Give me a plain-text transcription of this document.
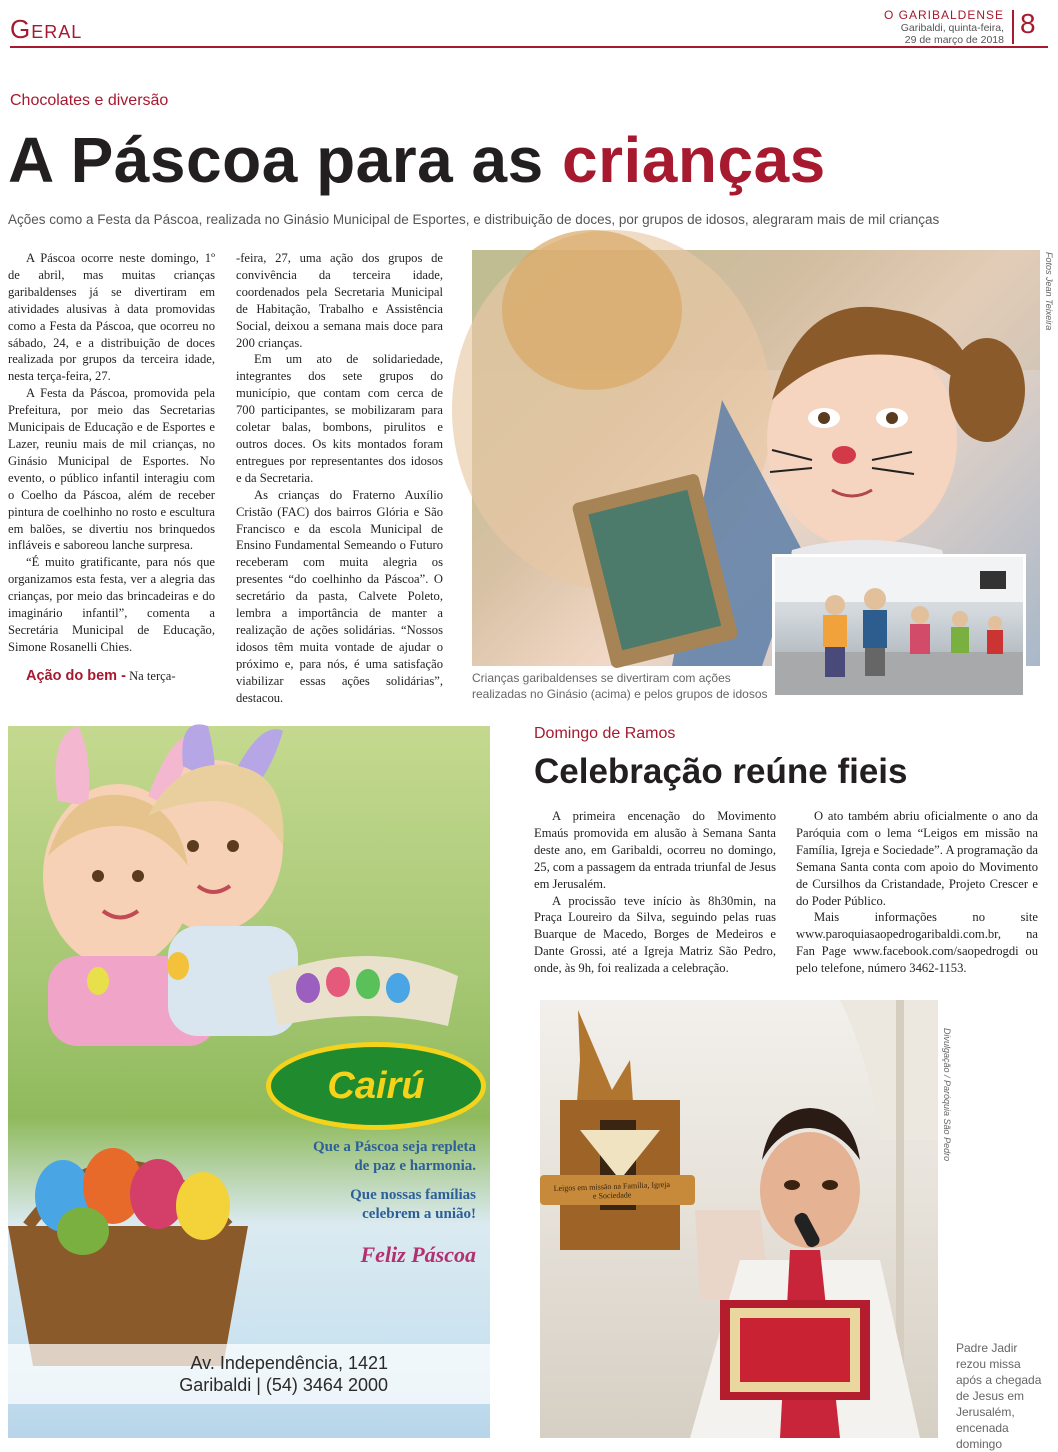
Geral	O GARIBALDENSE
Garibaldi, quinta-feira,
29 de março de 2018
8
Chocolates e diversão
A Páscoa para as crianças
Ações como a Festa da Páscoa, realizada no Ginásio Municipal de Esportes, e distribuição de doces, por grupos de idosos, alegraram mais de mil crianças

A Páscoa ocorre neste domingo, 1º de abril, mas muitas crianças garibaldenses já se divertiram em atividades alusivas à data promovidas como a Festa da Páscoa, que ocorreu no sábado, 24, e a distribuição de doces realizada por grupos da terceira idade, nesta terça-feira, 27.

A Festa da Páscoa, promovida pela Prefeitura, por meio das Secretarias Municipais de Educação e de Esportes e Lazer, reuniu mais de mil crianças, no Ginásio Municipal de Esportes. No evento, o público infantil interagiu com o Coelho da Páscoa, além de receber pintura de coelhinho no rosto e escultura em balões, se divertiu nos brinquedos infláveis e saboreou lanche surpresa.

“É muito gratificante, para nós que organizamos esta festa, ver a alegria das crianças, por meio das brincadeiras e do imaginário infantil”, comenta a Secretária Municipal de Educação, Simone Rosanelli Chies.

Ação do bem - Na terça-

-feira, 27, uma ação dos grupos de convivência da terceira idade, coordenados pela Secretaria Municipal de Habitação, Trabalho e Assistência Social, deixou a semana mais doce para 200 crianças.

Em um ato de solidariedade, integrantes dos sete grupos do município, que contam com cerca de 700 participantes, se mobilizaram para coletar balas, bombons, pirulitos e outros doces. Os kits montados foram entregues por representantes dos idosos e da Secretaria.

As crianças do Fraterno Auxílio Cristão (FAC) dos bairros Glória e São Francisco e da escola Municipal de Ensino Fundamental Semeando o Futuro receberam com muita alegria os presentes “do coelhinho da Páscoa”. O secretário da pasta, Calvete Poleto, lembra a importância de manter a realização de ações solidárias. “Nossos idosos têm muita vontade de ajudar o próximo e, para nós, é uma satisfação viabilizar essas ações solidárias”, destacou.

Fotos Jean Teixeira
Crianças garibaldenses se divertiram com ações realizadas no Ginásio (acima) e pelos grupos de idosos
Cairú
Que a Páscoa seja repleta
de paz e harmonia.
Que nossas famílias
celebrem a união!
Feliz Páscoa
Av. Independência, 1421
Garibaldi | (54) 3464 2000
Domingo de Ramos
Celebração reúne fieis

A primeira encenação do Movimento Emaús promovida em alusão à Semana Santa deste ano, em Garibaldi, ocorreu no domingo, 25, com a passagem da entrada triunfal de Jesus em Jerusalém.

A procissão teve início às 8h30min, na Praça Loureiro da Silva, seguindo pelas ruas Buarque de Macedo, Borges de Medeiros e Dante Grossi, até a Igreja Matriz São Pedro, onde, às 9h, foi realizada a celebração.

O ato também abriu oficialmente o ano da Paróquia com o lema “Leigos em missão na Família, Igreja e Sociedade”. A programação da Semana Santa conta com apoio do Movimento de Cursilhos da Cristandade, Projeto Crescer e do Poder Público.

Mais informações no site www.paroquiasaopedrogaribaldi.com.br, na Fan Page www.facebook.com/saopedrogdi ou pelo telefone, número 3462-1153.

Leigos em missão na Família, Igreja e Sociedade
Divulgação / Paróquia São Pedro
Padre Jadir rezou missa após a chegada de Jesus em Jerusalém, encenada domingo
